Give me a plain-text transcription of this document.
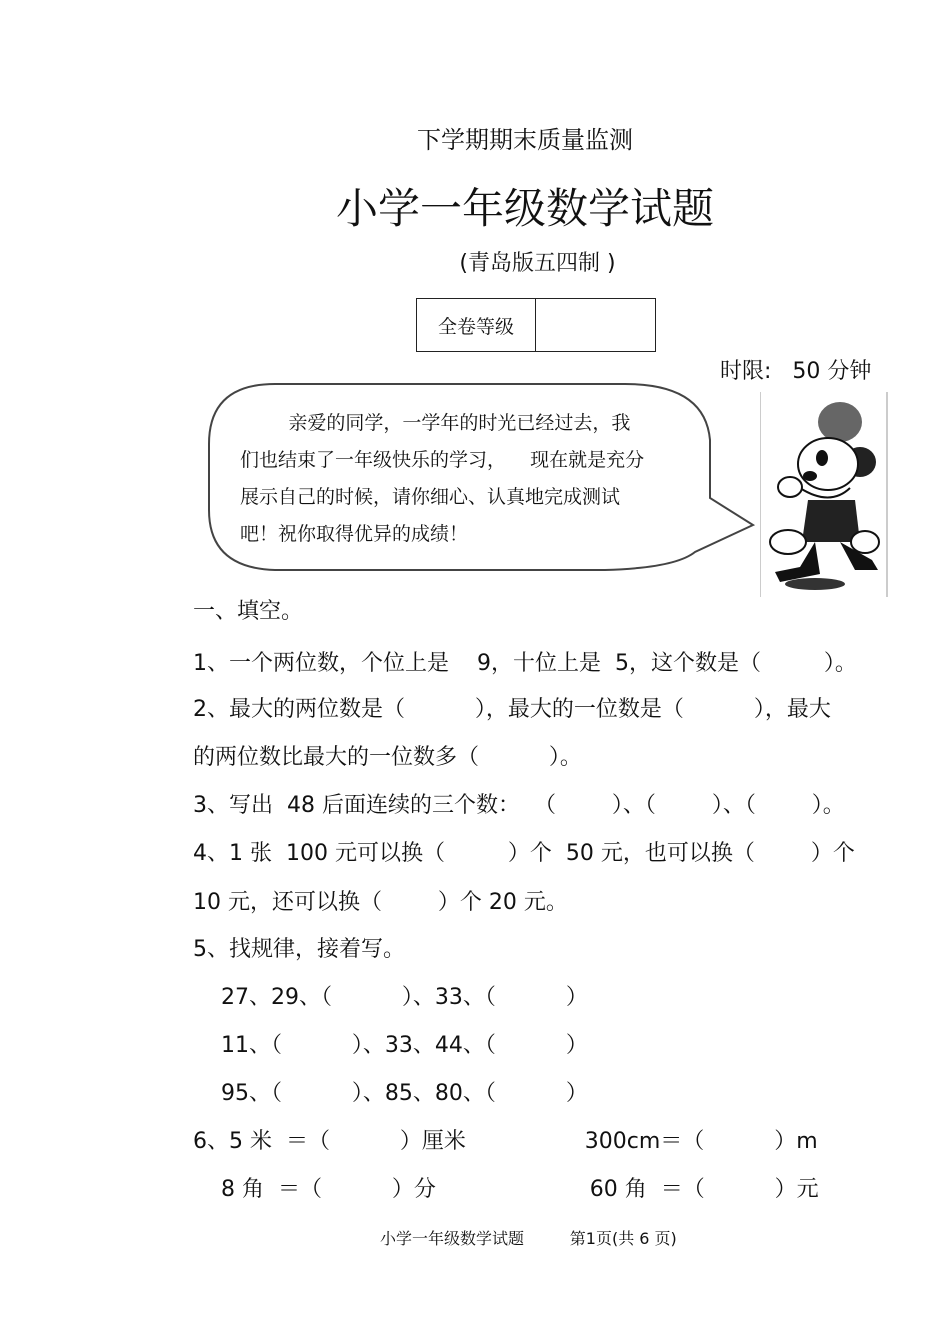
下学期期末质量监测
小学一年级数学试题
(青岛版五四制 )
全卷等级
时限:   50 分钟
亲爱的同学，一学年的时光已经过去，我
们也结束了一年级快乐的学习，    现在就是充分
展示自己的时候，请你细心、认真地完成测试
吧！祝你取得优异的成绩！
一、填空。
1、一个两位数，个位上是    9，十位上是  5，这个数是（         ）。
2、最大的两位数是（          ），最大的一位数是（          ），最大
的两位数比最大的一位数多（          ）。
3、写出  48 后面连续的三个数：  （        ）、（        ）、（        ）。
4、1 张  100 元可以换（         ）个  50 元，也可以换（        ）个
10 元，还可以换（        ）个 20 元。
5、找规律，接着写。
27、29、（          ）、33、（          ）
11、（          ）、33、44、（          ）
95、（          ）、85、80、（          ）
6、5 米  ＝（          ）厘米                 300cm＝（          ）m
8 角  ＝（          ）分                      60 角  ＝（          ）元
小学一年级数学试题         第1页(共 6 页)
